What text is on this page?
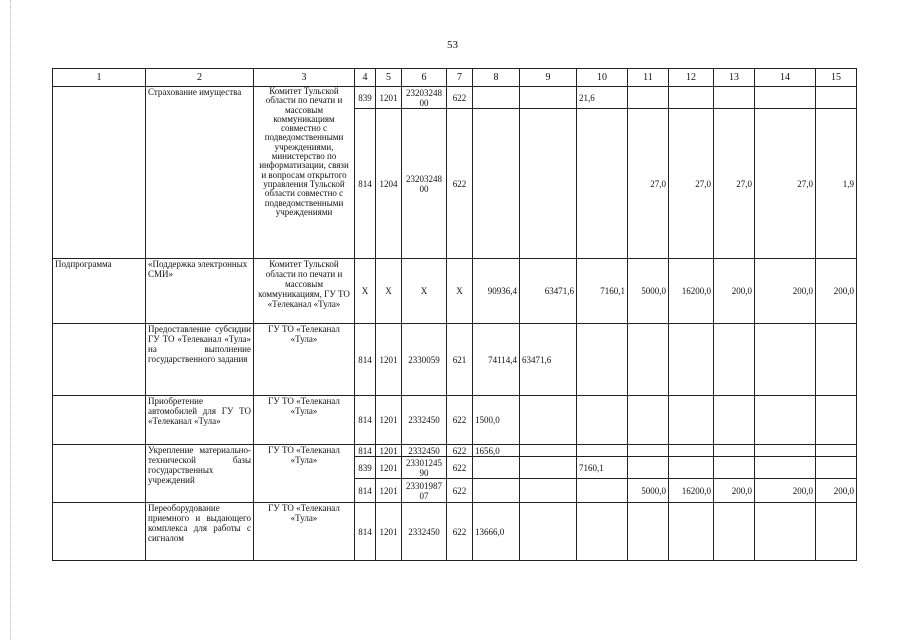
53
1	2	3	4	5	6	7	8	9	10	11	12	13	14	15
	Страхование имущества	Комитет Тульской области по печати и массовым коммуникациям совместно с подведомственными учреждениями, министерство по информатизации, связи и вопросам открытого управления Тульской области совместно с подведомственными учреждениями	839	1201	23203248 00	622			21,6					
			814	1204	23203248 00	622				27,0	27,0	27,0	27,0	1,9
Подпрограмма	«Поддержка электронных СМИ»	Комитет Тульской области по печати и массовым коммуникациям, ГУ ТО «Телеканал «Тула»	Х	Х	Х	Х	90936,4	63471,6	7160,1	5000,0	16200,0	200,0	200,0	200,0
	Предоставление субсидии ГУ ТО «Телеканал «Тула» на выполнение государственного задания	ГУ ТО «Телеканал «Тула»	814	1201	2330059	621	74114,4	63471,6						
	Приобретение автомобилей для ГУ ТО «Телеканал «Тула»	ГУ ТО «Телеканал «Тула»	814	1201	2332450	622	1500,0							
	Укрепление материально-технической базы государственных учреждений	ГУ ТО «Телеканал «Тула»	814	1201	2332450	622	1656,0							
			839	1201	23301245 90	622			7160,1					
			814	1201	23301987 07	622				5000,0	16200,0	200,0	200,0	200,0
	Переоборудование приемного и выдающего комплекса для работы с сигналом	ГУ ТО «Телеканал «Тула»	814	1201	2332450	622	13666,0							
